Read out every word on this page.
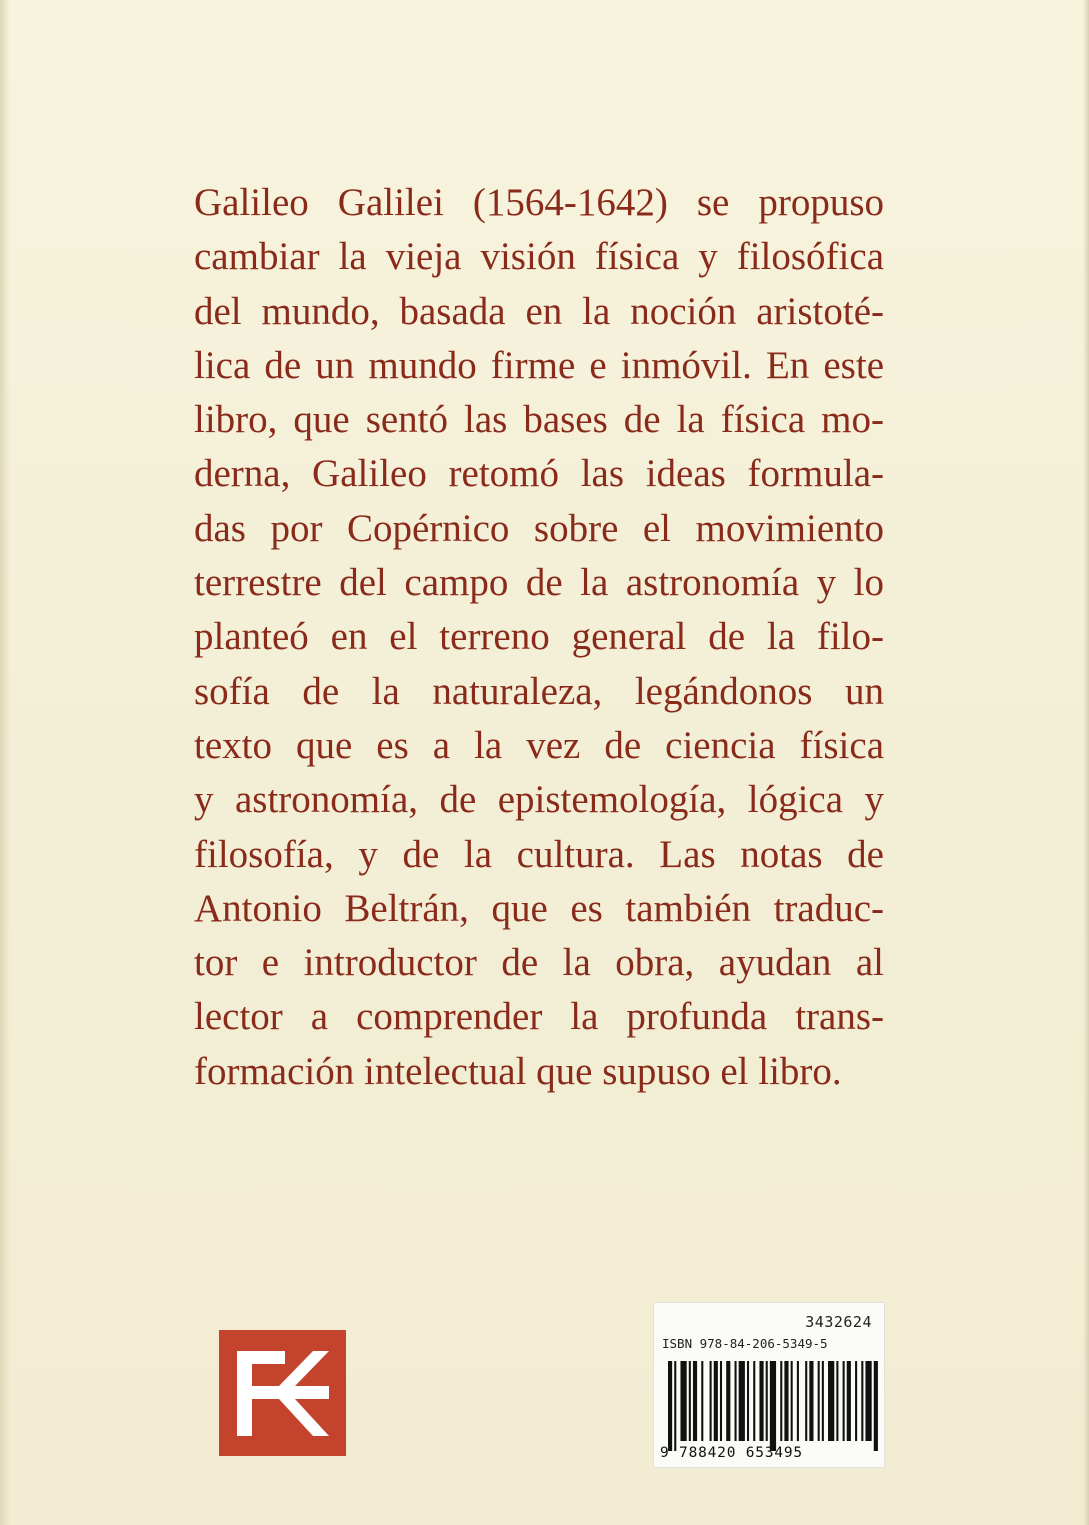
Galileo Galilei (1564-1642) se propuso
cambiar la vieja visión física y filosófica
del mundo, basada en la noción aristoté-
lica de un mundo firme e inmóvil. En este
libro, que sentó las bases de la física mo-
derna, Galileo retomó las ideas formula-
das por Copérnico sobre el movimiento
terrestre del campo de la astronomía y lo
planteó en el terreno general de la filo-
sofía de la naturaleza, legándonos un
texto que es a la vez de ciencia física
y astronomía, de epistemología, lógica y
filosofía, y de la cultura. Las notas de
Antonio Beltrán, que es también traduc-
tor e introductor de la obra, ayudan al
lector a comprender la profunda trans-
formación intelectual que supuso el libro.
3432624
ISBN 978-84-206-5349-5
9 788420 653495
